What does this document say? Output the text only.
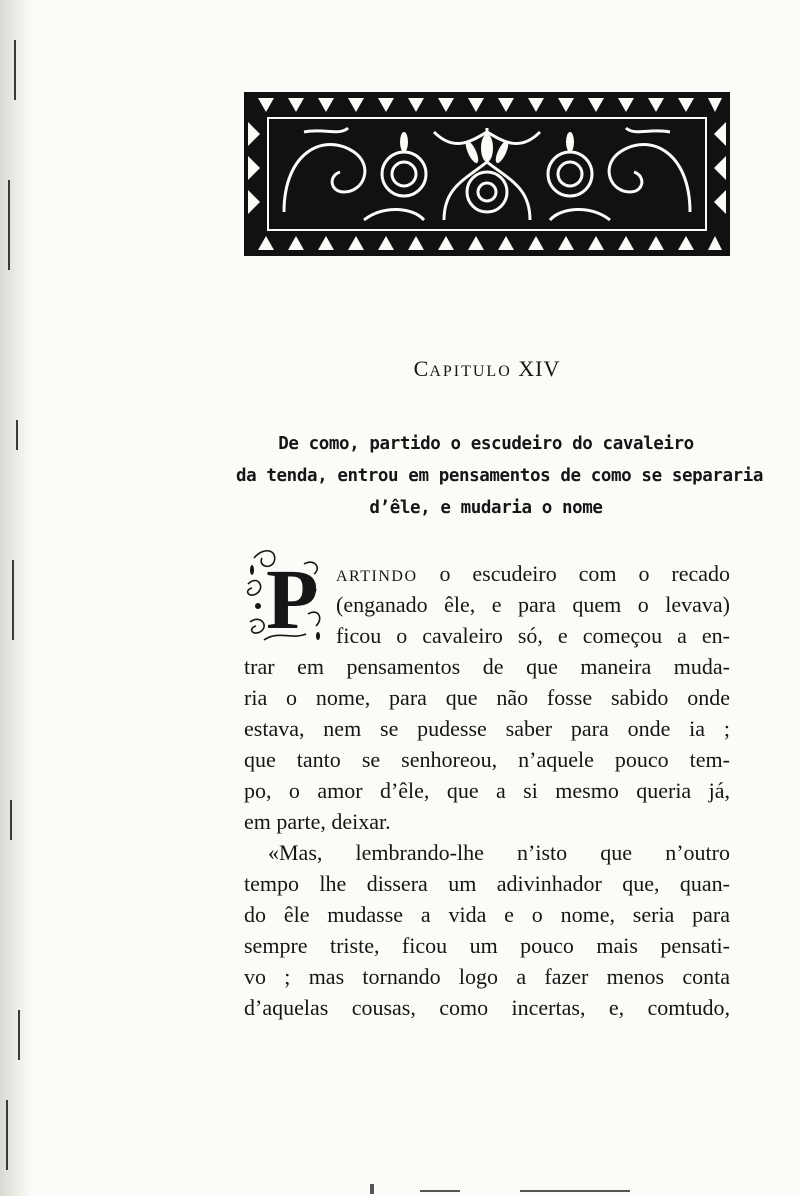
CAPITULO XIV
De como, partido o escudeiro do cavaleiro
da tenda, entrou em pensamentos de como se separaria
d’êle, e mudaria o nome
P	ARTINDO o escudeiro com o recado
(enganado êle, e para quem o levava)
ficou o cavaleiro só, e começou a en-
trar em pensamentos de que maneira muda-
ria o nome, para que não fosse sabido onde
estava, nem se pudesse saber para onde ia ;
que tanto se senhoreou, n’aquele pouco tem-
po, o amor d’êle, que a si mesmo queria já,
em parte, deixar.
«Mas, lembrando-lhe n’isto que n’outro
tempo lhe dissera um adivinhador que, quan-
do êle mudasse a vida e o nome, seria para
sempre triste, ficou um pouco mais pensati-
vo ; mas tornando logo a fazer menos conta
d’aquelas cousas, como incertas, e, comtudo,
